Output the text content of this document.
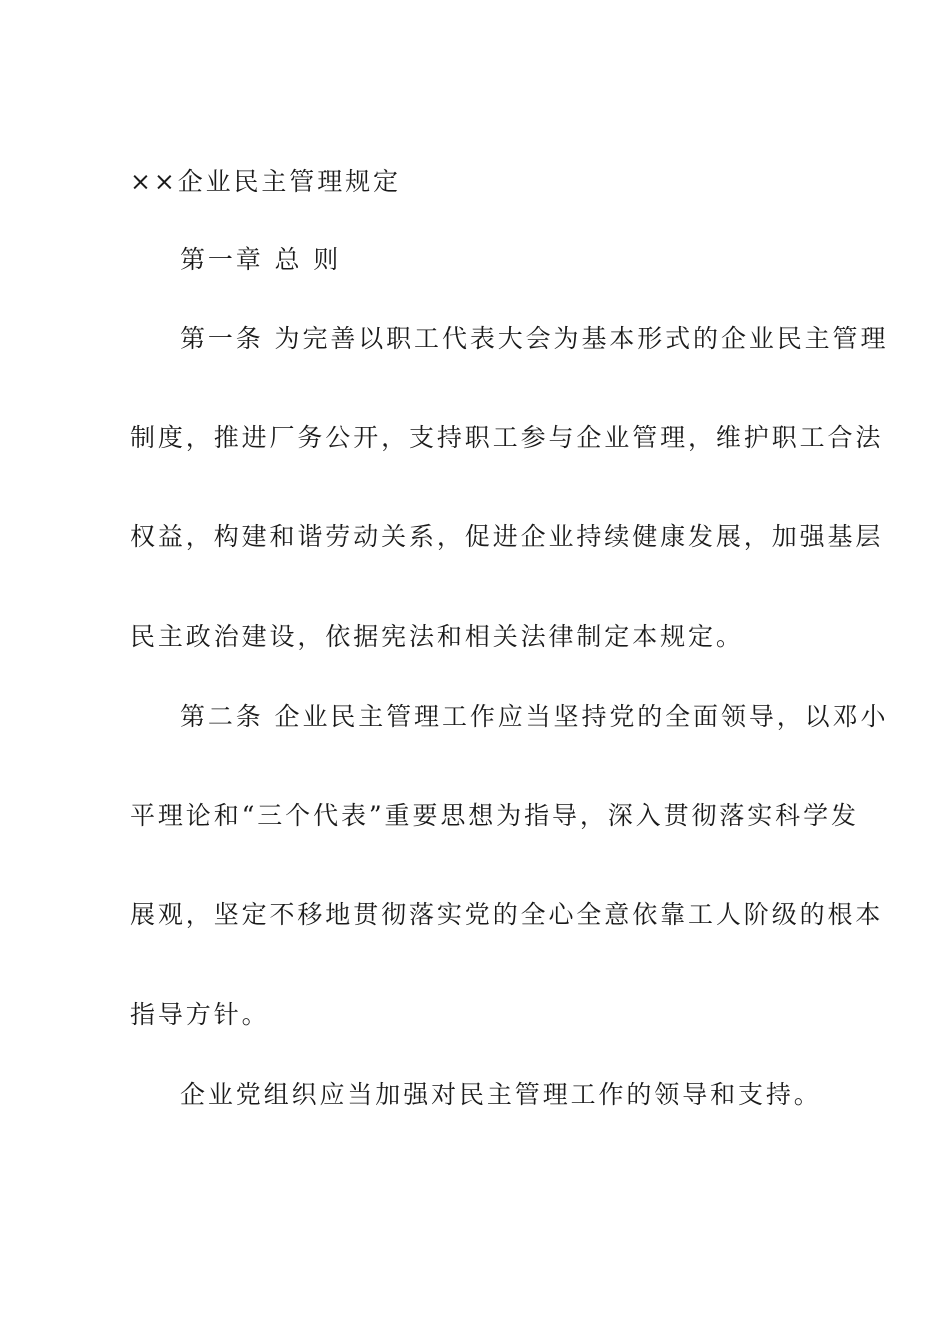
××企业民主管理规定
第一章 总 则
第一条 为完善以职工代表大会为基本形式的企业民主管理
制度，推进厂务公开，支持职工参与企业管理，维护职工合法
权益，构建和谐劳动关系，促进企业持续健康发展，加强基层
民主政治建设，依据宪法和相关法律制定本规定。
第二条 企业民主管理工作应当坚持党的全面领导，以邓小
平理论和“三个代表”重要思想为指导，深入贯彻落实科学发
展观，坚定不移地贯彻落实党的全心全意依靠工人阶级的根本
指导方针。
企业党组织应当加强对民主管理工作的领导和支持。
